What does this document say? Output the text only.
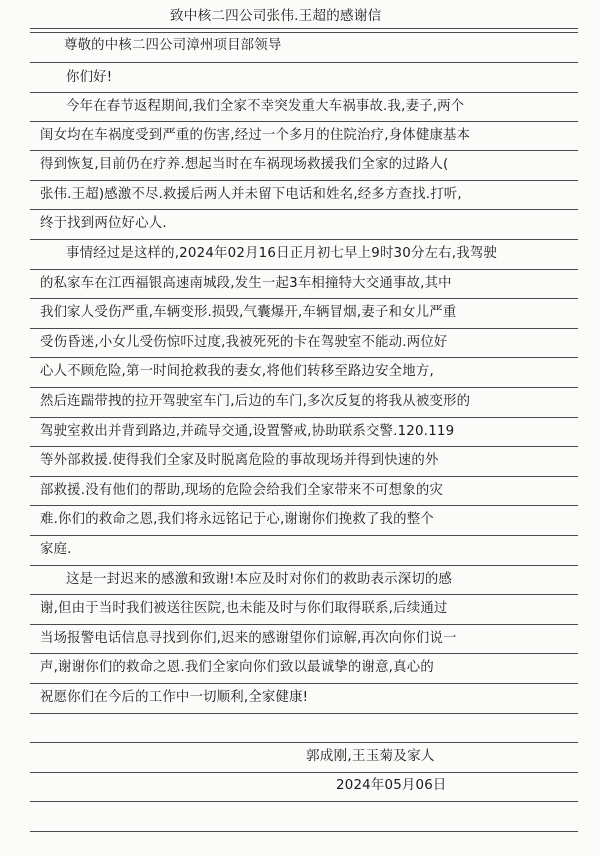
致中核二四公司张伟.王超的感谢信
尊敬的中核二四公司漳州项目部领导
你们好!
今年在春节返程期间,我们全家不幸突发重大车祸事故.我,妻子,两个
闺女均在车祸度受到严重的伤害,经过一个多月的住院治疗,身体健康基本
得到恢复,目前仍在疗养.想起当时在车祸现场救援我们全家的过路人(
张伟.王超)感激不尽.救援后两人并未留下电话和姓名,经多方查找.打听,
终于找到两位好心人.
事情经过是这样的,2024年02月16日正月初七早上9时30分左右,我驾驶
的私家车在江西福银高速南城段,发生一起3车相撞特大交通事故,其中
我们家人受伤严重,车辆变形.损毁,气囊爆开,车辆冒烟,妻子和女儿严重
受伤昏迷,小女儿受伤惊吓过度,我被死死的卡在驾驶室不能动.两位好
心人不顾危险,第一时间抢救我的妻女,将他们转移至路边安全地方,
然后连踹带拽的拉开驾驶室车门,后边的车门,多次反复的将我从被变形的
驾驶室救出并背到路边,并疏导交通,设置警戒,协助联系交警.120.119
等外部救援.使得我们全家及时脱离危险的事故现场并得到快速的外
部救援.没有他们的帮助,现场的危险会给我们全家带来不可想象的灾
难.你们的救命之恩,我们将永远铭记于心,谢谢你们挽救了我的整个
家庭.
这是一封迟来的感激和致谢!本应及时对你们的救助表示深切的感
谢,但由于当时我们被送往医院,也未能及时与你们取得联系,后续通过
当场报警电话信息寻找到你们,迟来的感谢望你们谅解,再次向你们说一
声,谢谢你们的救命之恩.我们全家向你们致以最诚挚的谢意,真心的
祝愿你们在今后的工作中一切顺利,全家健康!
郭成刚,王玉菊及家人
2024年05月06日
